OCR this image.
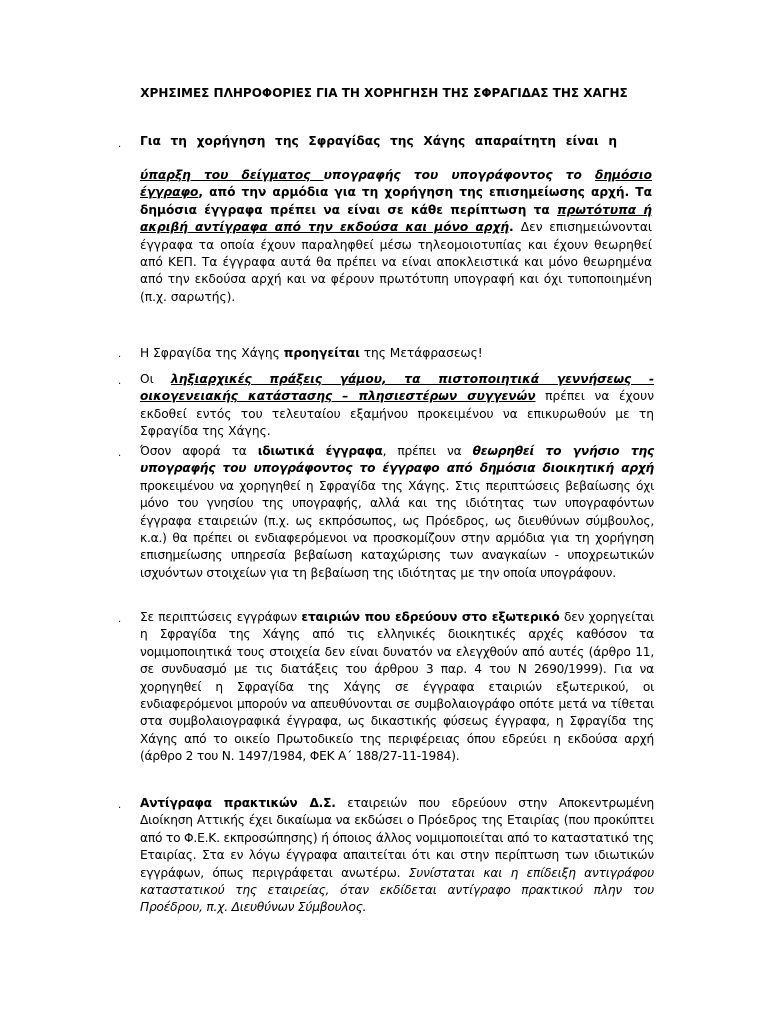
ΧΡΗΣΙΜΕΣ ΠΛΗΡΟΦΟΡΙΕΣ ΓΙΑ ΤΗ ΧΟΡΗΓΗΣΗ ΤΗΣ ΣΦΡΑΓΙΔΑΣ ΤΗΣ ΧΑΓΗΣ
· Για τη χορήγηση της Σφραγίδας της Χάγης απαραίτητη είναι η
ύπαρξη του δείγματος υπογραφής του υπογράφοντος το δημόσιο έγγραφο, από την αρμόδια για τη χορήγηση της επισημείωσης αρχή. Τα δημόσια έγγραφα πρέπει να είναι σε κάθε περίπτωση τα πρωτότυπα ή ακριβή αντίγραφα από την εκδούσα και μόνο αρχή. Δεν επισημειώνονται έγγραφα τα οποία έχουν παραληφθεί μέσω τηλεομοιοτυπίας και έχουν θεωρηθεί από ΚΕΠ. Τα έγγραφα αυτά θα πρέπει να είναι αποκλειστικά και μόνο θεωρημένα από την εκδούσα αρχή και να φέρουν πρωτότυπη υπογραφή και όχι τυποποιημένη (π.χ. σαρωτής).
· Η Σφραγίδα της Χάγης προηγείται της Μετάφρασεως!
· Οι ληξιαρχικές πράξεις γάμου, τα πιστοποιητικά γεννήσεως - οικογενειακής κατάστασης – πλησιεστέρων συγγενών πρέπει να έχουν εκδοθεί εντός του τελευταίου εξαμήνου προκειμένου να επικυρωθούν με τη Σφραγίδα της Χάγης.
· Όσον αφορά τα ιδιωτικά έγγραφα, πρέπει να θεωρηθεί το γνήσιο της υπογραφής του υπογράφοντος το έγγραφο από δημόσια διοικητική αρχή προκειμένου να χορηγηθεί η Σφραγίδα της Χάγης. Στις περιπτώσεις βεβαίωσης όχι μόνο του γνησίου της υπογραφής, αλλά και της ιδιότητας των υπογραφόντων έγγραφα εταιρειών (π.χ. ως εκπρόσωπος, ως Πρόεδρος, ως διευθύνων σύμβουλος, κ.α.) θα πρέπει οι ενδιαφερόμενοι να προσκομίζουν στην αρμόδια για τη χορήγηση επισημείωσης υπηρεσία βεβαίωση καταχώρισης των αναγκαίων - υποχρεωτικών ισχυόντων στοιχείων για τη βεβαίωση της ιδιότητας με την οποία υπογράφουν.
· Σε περιπτώσεις εγγράφων εταιριών που εδρεύουν στο εξωτερικό δεν χορηγείται η Σφραγίδα της Χάγης από τις ελληνικές διοικητικές αρχές καθόσον τα νομιμοποιητικά τους στοιχεία δεν είναι δυνατόν να ελεγχθούν από αυτές (άρθρο 11, σε συνδυασμό με τις διατάξεις του άρθρου 3 παρ. 4 του Ν 2690/1999). Για να χορηγηθεί η Σφραγίδα της Χάγης σε έγγραφα εταιριών εξωτερικού, οι ενδιαφερόμενοι μπορούν να απευθύνονται σε συμβολαιογράφο οπότε μετά να τίθεται στα συμβολαιογραφικά έγγραφα, ως δικαστικής φύσεως έγγραφα, η Σφραγίδα της Χάγης από το οικείο Πρωτοδικείο της περιφέρειας όπου εδρεύει η εκδούσα αρχή (άρθρο 2 του Ν. 1497/1984, ΦΕΚ Α΄ 188/27-11-1984).
· Αντίγραφα πρακτικών Δ.Σ. εταιρειών που εδρεύουν στην Αποκεντρωμένη Διοίκηση Αττικής έχει δικαίωμα να εκδώσει ο Πρόεδρος της Εταιρίας (που προκύπτει από το Φ.Ε.Κ. εκπροσώπησης) ή όποιος άλλος νομιμοποιείται από το καταστατικό της Εταιρίας. Στα εν λόγω έγγραφα απαιτείται ότι και στην περίπτωση των ιδιωτικών εγγράφων, όπως περιγράφεται ανωτέρω. Συνίσταται και η επίδειξη αντιγράφου καταστατικού της εταιρείας, όταν εκδίδεται αντίγραφο πρακτικού πλην του Προέδρου, π.χ. Διευθύνων Σύμβουλος.
